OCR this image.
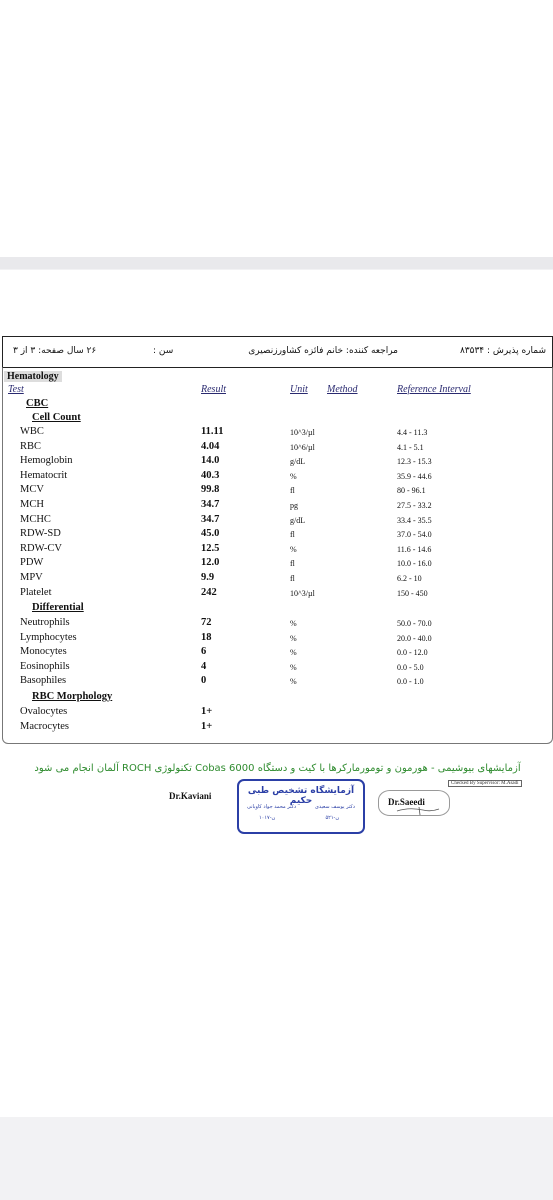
شماره پذیرش : ۸۳۵۳۴
مراجعه کننده: خانم فائزه کشاورزنصیری
سن :
۲۶ سال صفحه: ۳ از ۳
Hematology
Test	Result	Unit Method	Reference Interval
CBC
Cell Count
WBC	11.11	10^3/µl	4.4 - 11.3
RBC	4.04	10^6/µl	4.1 - 5.1
Hemoglobin	14.0	g/dL	12.3 - 15.3
Hematocrit	40.3	%	35.9 - 44.6
MCV	99.8	fl	80 - 96.1
MCH	34.7	pg	27.5 - 33.2
MCHC	34.7	g/dL	33.4 - 35.5
RDW-SD	45.0	fl	37.0 - 54.0
RDW-CV	12.5	%	11.6 - 14.6
PDW	12.0	fl	10.0 - 16.0
MPV	9.9	fl	6.2 - 10
Platelet	242	10^3/µl	150 - 450
Differential
Neutrophils	72	%	50.0 - 70.0
Lymphocytes	18	%	20.0 - 40.0
Monocytes	6	%	0.0 - 12.0
Eosinophils	4	%	0.0 - 5.0
Basophiles	0	%	0.0 - 1.0
RBC Morphology
Ovalocytes	1+
Macrocytes	1+
آزمایشهای بیوشیمی - هورمون و تومورمارکرها با کیت و دستگاه Cobas 6000 تکنولوژی ROCH آلمان انجام می شود
Checked By Supervisor: M.Asadi
Dr.Kaviani	آزمایشگاه تشخیص طبی حکیم
دکتر محمد جواد کاویانی	دکتر یوسف سعیدی
ن-۱۰۱۷	ن-۵۲۱
Dr.Saeedi
